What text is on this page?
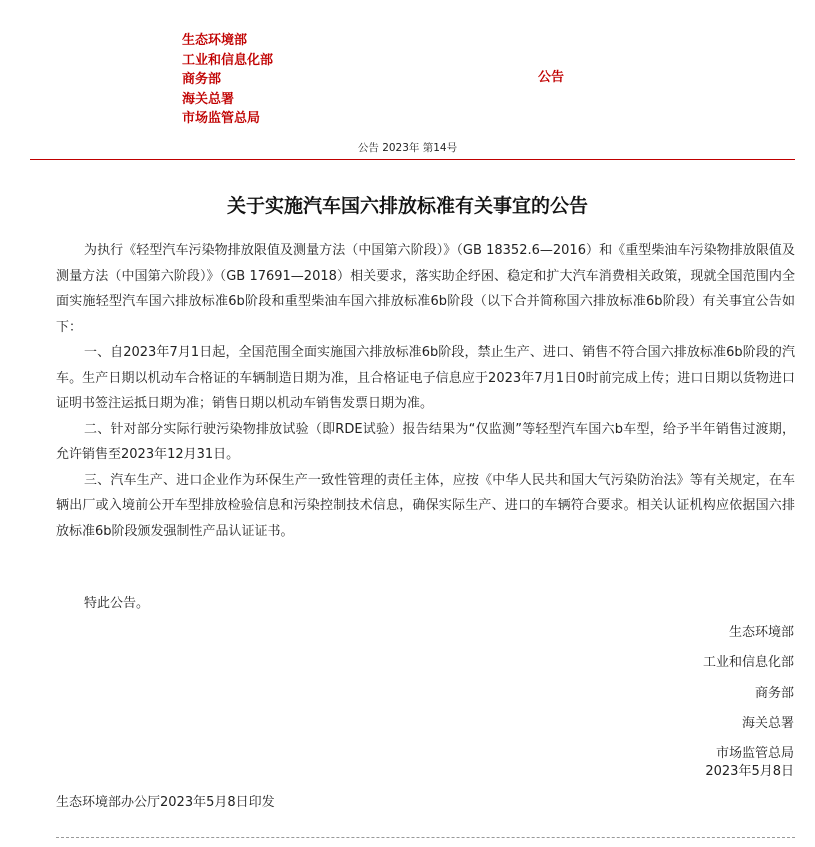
生态环境部
工业和信息化部
商务部
海关总署
市场监管总局
公告
公告 2023年 第14号
关于实施汽车国六排放标准有关事宜的公告

为执行《轻型汽车污染物排放限值及测量方法（中国第六阶段）》（GB 18352.6—2016）和《重型柴油车污染物排放限值及测量方法（中国第六阶段）》（GB 17691—2018）相关要求，落实助企纾困、稳定和扩大汽车消费相关政策，现就全国范围内全面实施轻型汽车国六排放标准6b阶段和重型柴油车国六排放标准6b阶段（以下合并简称国六排放标准6b阶段）有关事宜公告如下：

一、自2023年7月1日起，全国范围全面实施国六排放标准6b阶段，禁止生产、进口、销售不符合国六排放标准6b阶段的汽车。生产日期以机动车合格证的车辆制造日期为准，且合格证电子信息应于2023年7月1日0时前完成上传；进口日期以货物进口证明书签注运抵日期为准；销售日期以机动车销售发票日期为准。

二、针对部分实际行驶污染物排放试验（即RDE试验）报告结果为“仅监测”等轻型汽车国六b车型，给予半年销售过渡期，允许销售至2023年12月31日。

三、汽车生产、进口企业作为环保生产一致性管理的责任主体，应按《中华人民共和国大气污染防治法》等有关规定，在车辆出厂或入境前公开车型排放检验信息和污染控制技术信息，确保实际生产、进口的车辆符合要求。相关认证机构应依据国六排放标准6b阶段颁发强制性产品认证证书。

特此公告。

生态环境部
工业和信息化部
商务部
海关总署
市场监管总局

2023年5月8日

生态环境部办公厅2023年5月8日印发
